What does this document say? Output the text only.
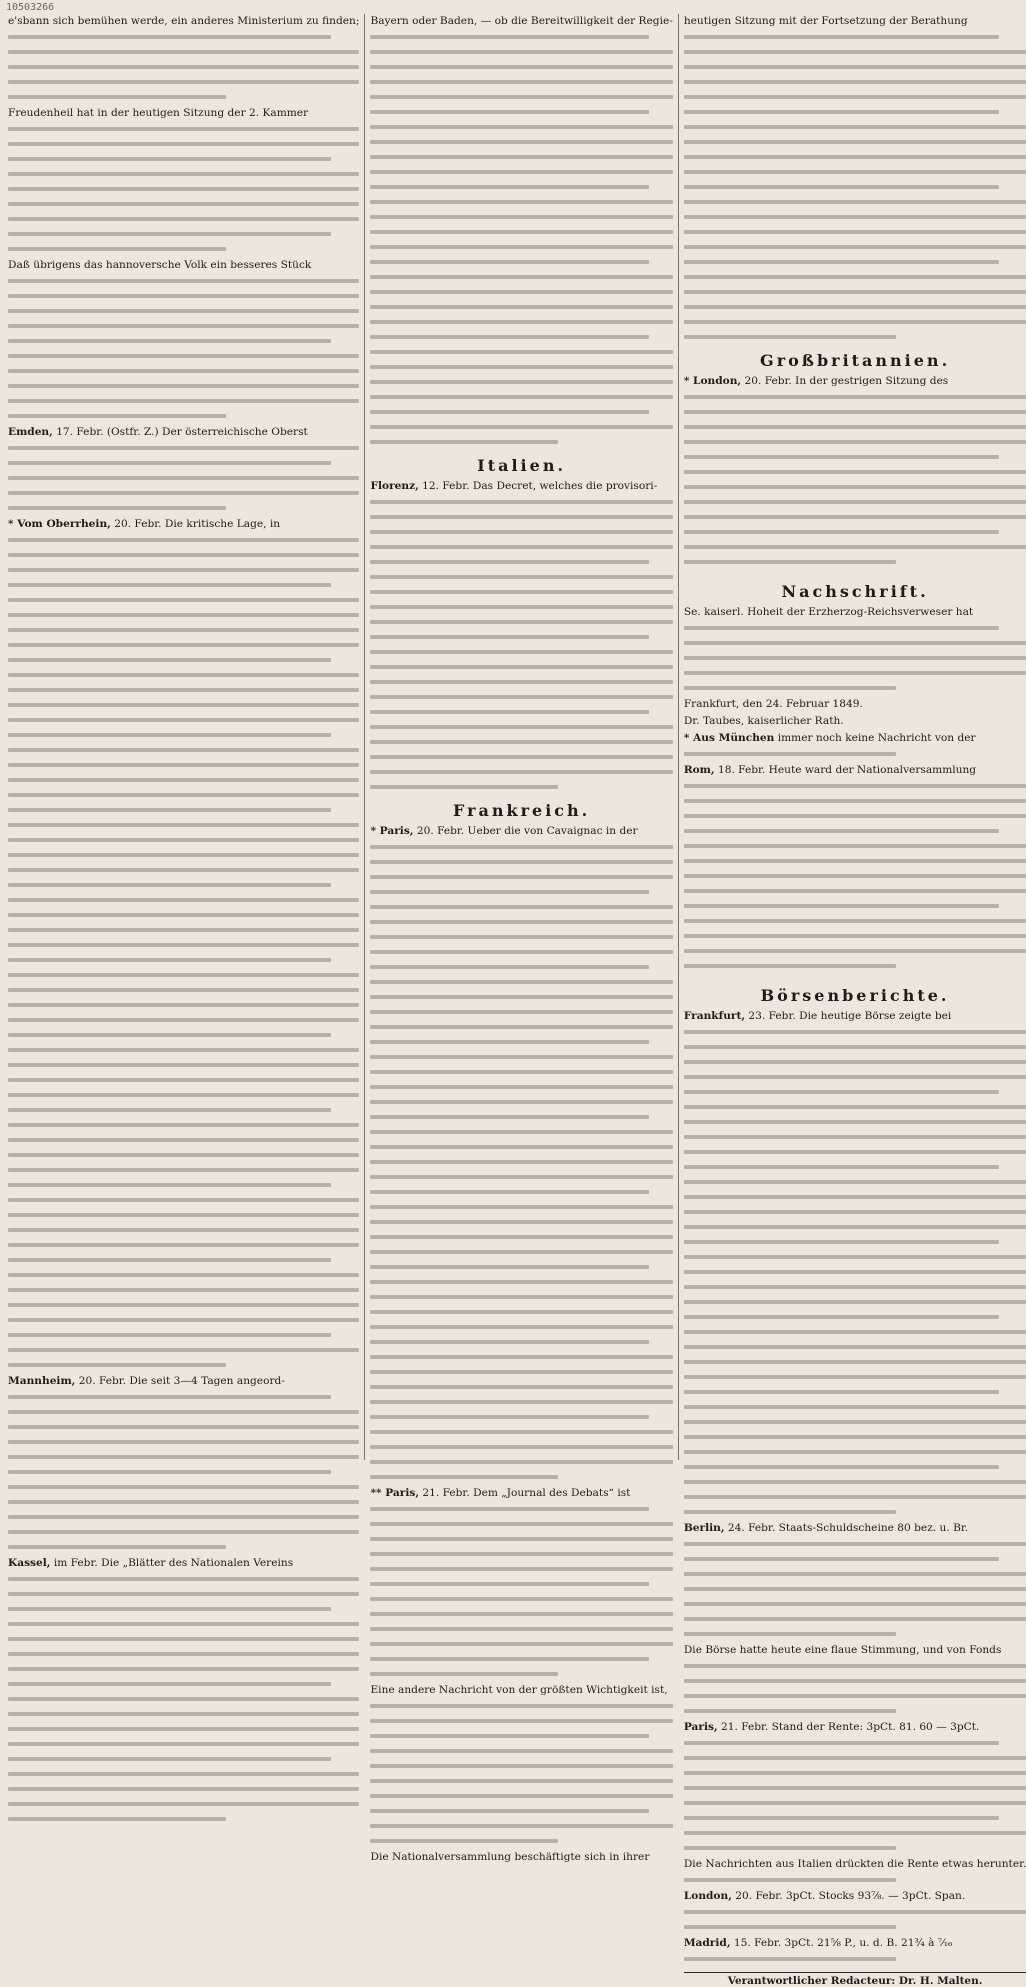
10503266
e'sbann sich bemühen werde, ein anderes Ministerium zu finden;
Freudenheil hat in der heutigen Sitzung der 2. Kammer
Daß übrigens das hannoversche Volk ein besseres Stück
Emden, 17. Febr. (Ostfr. Z.) Der österreichische Oberst
* Vom Oberrhein, 20. Febr. Die kritische Lage, in
Mannheim, 20. Febr. Die seit 3—4 Tagen angeord-
Kassel, im Febr. Die „Blätter des Nationalen Vereins
Bayern oder Baden, — ob die Bereitwilligkeit der Regie-
Italien.
Florenz, 12. Febr. Das Decret, welches die provisori-
Frankreich.
* Paris, 20. Febr. Ueber die von Cavaignac in der
** Paris, 21. Febr. Dem „Journal des Debats“ ist
Eine andere Nachricht von der größten Wichtigkeit ist,
Die Nationalversammlung beschäftigte sich in ihrer
heutigen Sitzung mit der Fortsetzung der Berathung
Großbritannien.
* London, 20. Febr. In der gestrigen Sitzung des
Nachschrift.
Se. kaiserl. Hoheit der Erzherzog-Reichsverweser hat
Frankfurt, den 24. Februar 1849.
Dr. Taubes, kaiserlicher Rath.
* Aus München immer noch keine Nachricht von der
Rom, 18. Febr. Heute ward der Nationalversammlung
Börsenberichte.
Frankfurt, 23. Febr. Die heutige Börse zeigte bei
Berlin, 24. Febr. Staats-Schuldscheine 80 bez. u. Br.
Die Börse hatte heute eine flaue Stimmung, und von Fonds
Paris, 21. Febr. Stand der Rente: 3pCt. 81. 60 — 3pCt.
Die Nachrichten aus Italien drückten die Rente etwas herunter.
London, 20. Febr. 3pCt. Stocks 93⅞. — 3pCt. Span.
Madrid, 15. Febr. 3pCt. 21⅝ P., u. d. B. 21¾ à ⁷⁄₁₆
Verantwortlicher Redacteur: Dr. H. Malten.
